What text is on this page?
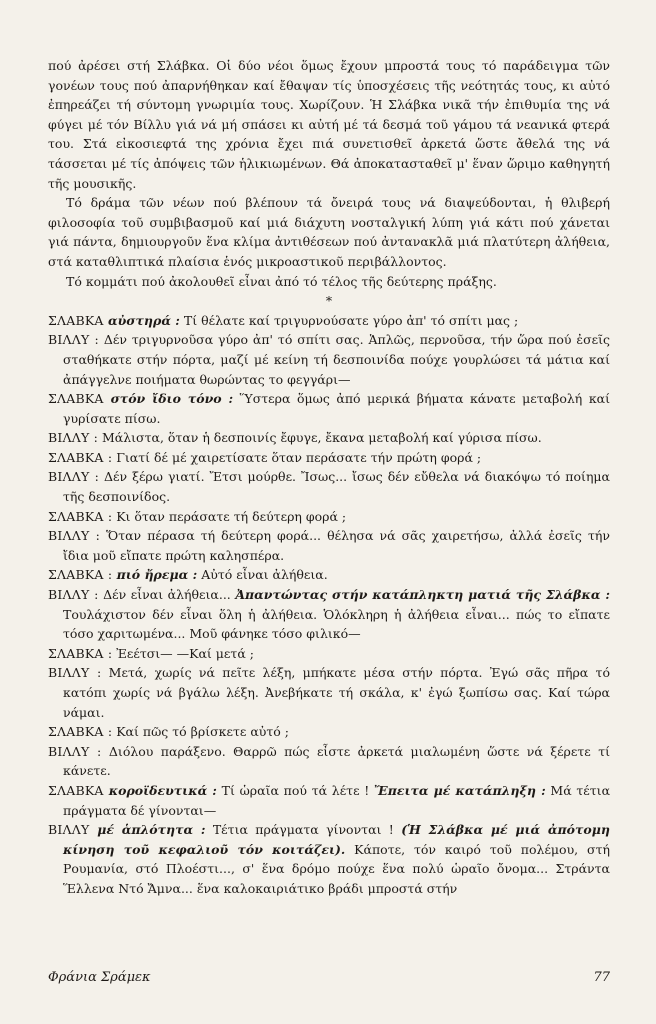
πού ἀρέσει στή Σλάβκα. Οἱ δύο νέοι ὅμως ἔχουν μπροστά τους τό παράδειγμα τῶν γονέων τους πού ἀπαρνήθηκαν καί ἔθαψαν τίς ὑποσχέσεις τῆς νεότητάς τους, κι αὐτό ἐπηρεάζει τή σύντομη γνωριμία τους. Χωρίζουν. Ἡ Σλάβκα νικᾶ τήν ἐπιθυμία της νά φύγει μέ τόν Βίλλυ γιά νά μή σπάσει κι αὐτή μέ τά δεσμά τοῦ γάμου τά νεανικά φτερά του. Στά εἰκοσιεφτά της χρόνια ἔχει πιά συνετισθεῖ ἀρκετά ὥστε ἄθελά της νά τάσσεται μέ τίς ἀπόψεις τῶν ἡλικιωμένων. Θά ἀποκατασταθεῖ μ' ἕναν ὥριμο καθηγητή τῆς μουσικῆς.

Τό δράμα τῶν νέων πού βλέπουν τά ὄνειρά τους νά διαψεύδονται, ἡ θλιβερή φιλοσοφία τοῦ συμβιβασμοῦ καί μιά διάχυτη νοσταλγική λύπη γιά κάτι πού χάνεται γιά πάντα, δημιουργοῦν ἕνα κλίμα ἀντιθέσεων πού ἀντανακλᾶ μιά πλατύτερη ἀλήθεια, στά καταθλιπτικά πλαίσια ἑνός μικροαστικοῦ περιβάλλοντος.

Τό κομμάτι πού ἀκολουθεῖ εἶναι ἀπό τό τέλος τῆς δεύτερης πράξης.

*

ΣΛΑΒΚΑ αὐστηρά : Τί θέλατε καί τριγυρνούσατε γύρο ἀπ' τό σπίτι μας ;

ΒΙΛΛΥ : Δέν τριγυρνοῦσα γύρο ἀπ' τό σπίτι σας. Ἁπλῶς, περνοῦσα, τήν ὥρα πού ἐσεῖς σταθήκατε στήν πόρτα, μαζί μέ κείνη τή δεσποινίδα πούχε γουρλώσει τά μάτια καί ἀπάγγελνε ποιήματα θωρώντας το φεγγάρι—

ΣΛΑΒΚΑ στόν ἴδιο τόνο : Ὕστερα ὅμως ἀπό μερικά βήματα κάνατε μεταβολή καί γυρίσατε πίσω.

ΒΙΛΛΥ : Μάλιστα, ὅταν ἡ δεσποινίς ἔφυγε, ἔκανα μεταβολή καί γύρισα πίσω.

ΣΛΑΒΚΑ : Γιατί δέ μέ χαιρετίσατε ὅταν περάσατε τήν πρώτη φορά ;

ΒΙΛΛΥ : Δέν ξέρω γιατί. Ἔτσι μούρθε. Ἴσως... ἴσως δέν εὔθελα νά διακόψω τό ποίημα τῆς δεσποινίδος.

ΣΛΑΒΚΑ : Κι ὅταν περάσατε τή δεύτερη φορά ;

ΒΙΛΛΥ : Ὅταν πέρασα τή δεύτερη φορά... θέλησα νά σᾶς χαιρετήσω, ἀλλά ἐσεῖς τήν ἴδια μοῦ εἴπατε πρώτη καλησπέρα.

ΣΛΑΒΚΑ : πιό ἤρεμα : Αὐτό εἶναι ἀλήθεια.

ΒΙΛΛΥ : Δέν εἶναι ἀλήθεια... Ἀπαντώντας στήν κατάπληκτη ματιά τῆς Σλάβκα : Τουλάχιστον δέν εἶναι ὅλη ἡ ἀλήθεια. Ὁλόκληρη ἡ ἀλήθεια εἶναι... πώς το εἴπατε τόσο χαριτωμένα... Μοῦ φάνηκε τόσο φιλικό—

ΣΛΑΒΚΑ : Ἐεέτσι— —Καί μετά ;

ΒΙΛΛΥ : Μετά, χωρίς νά πεῖτε λέξη, μπήκατε μέσα στήν πόρτα. Ἐγώ σᾶς πῆρα τό κατόπι χωρίς νά βγάλω λέξη. Ἀνεβήκατε τή σκάλα, κ' ἐγώ ξωπίσω σας. Καί τώρα νάμαι.

ΣΛΑΒΚΑ : Καί πῶς τό βρίσκετε αὐτό ;

ΒΙΛΛΥ : Διόλου παράξενο. Θαρρῶ πώς εἶστε ἀρκετά μιαλωμένη ὥστε νά ξέρετε τί κάνετε.

ΣΛΑΒΚΑ κοροϊδευτικά : Τί ὡραῖα πού τά λέτε ! Ἔπειτα μέ κατάπληξη : Μά τέτια πράγματα δέ γίνονται—

ΒΙΛΛΥ μέ ἁπλότητα : Τέτια πράγματα γίνονται ! (Ἡ Σλάβκα μέ μιά ἀπότομη κίνηση τοῦ κεφαλιοῦ τόν κοιτάζει). Κάποτε, τόν καιρό τοῦ πολέμου, στή Ρουμανία, στό Πλοέστι..., σ' ἕνα δρόμο πούχε ἕνα πολύ ὡραῖο ὄνομα... Στράντα Ἕλλενα Ντό Ἄμνα... ἕνα καλοκαιριάτικο βράδι μπροστά στήν

Φράνια Σράμεκ	77
